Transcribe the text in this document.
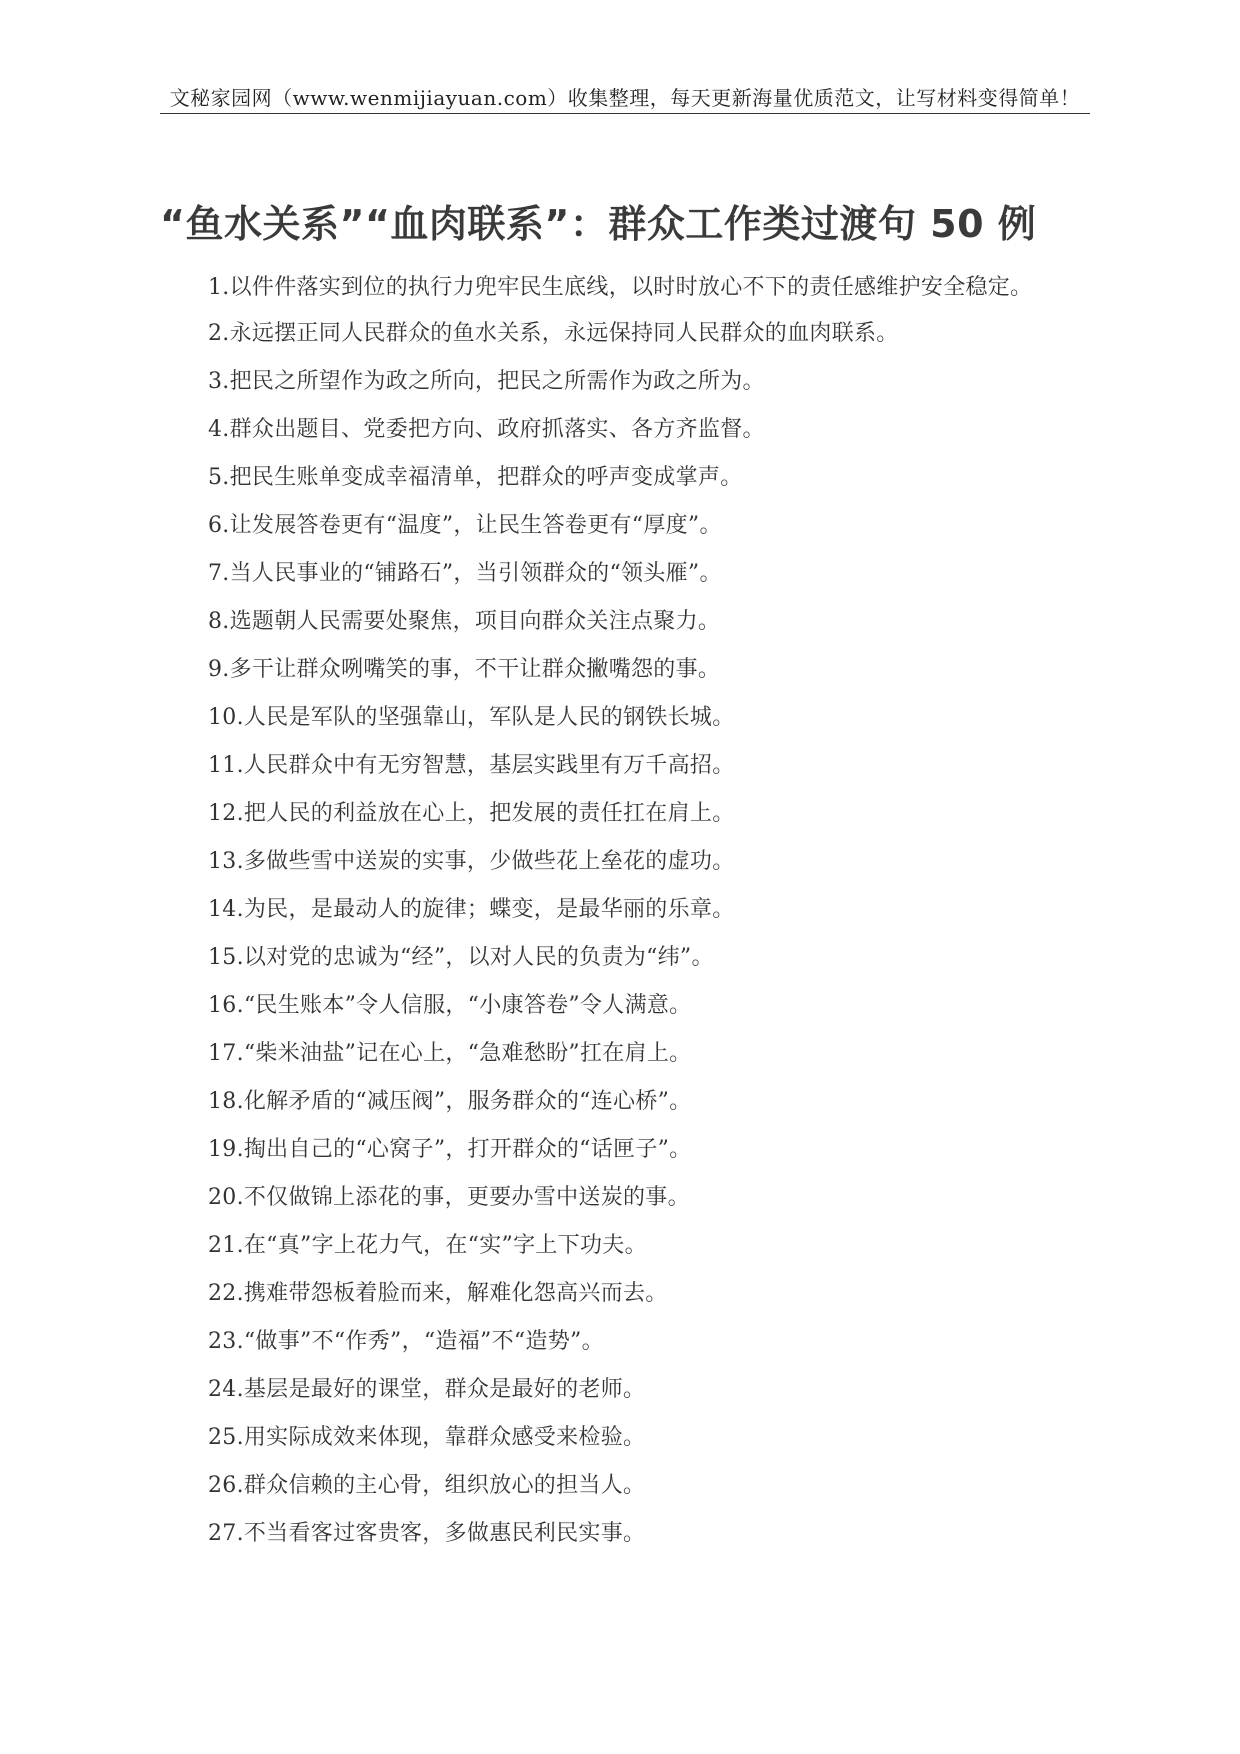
文秘家园网（www.wenmijiayuan.com）收集整理，每天更新海量优质范文，让写材料变得简单！
“鱼水关系”“血肉联系”：群众工作类过渡句 50 例
1.以件件落实到位的执行力兜牢民生底线，以时时放心不下的责任感维护安全稳定。
2.永远摆正同人民群众的鱼水关系，永远保持同人民群众的血肉联系。
3.把民之所望作为政之所向，把民之所需作为政之所为。
4.群众出题目、党委把方向、政府抓落实、各方齐监督。
5.把民生账单变成幸福清单，把群众的呼声变成掌声。
6.让发展答卷更有“温度”，让民生答卷更有“厚度”。
7.当人民事业的“铺路石”，当引领群众的“领头雁”。
8.选题朝人民需要处聚焦，项目向群众关注点聚力。
9.多干让群众咧嘴笑的事，不干让群众撇嘴怨的事。
10.人民是军队的坚强靠山，军队是人民的钢铁长城。
11.人民群众中有无穷智慧，基层实践里有万千高招。
12.把人民的利益放在心上，把发展的责任扛在肩上。
13.多做些雪中送炭的实事，少做些花上垒花的虚功。
14.为民，是最动人的旋律；蝶变，是最华丽的乐章。
15.以对党的忠诚为“经”，以对人民的负责为“纬”。
16.“民生账本”令人信服，“小康答卷”令人满意。
17.“柴米油盐”记在心上，“急难愁盼”扛在肩上。
18.化解矛盾的“减压阀”，服务群众的“连心桥”。
19.掏出自己的“心窝子”，打开群众的“话匣子”。
20.不仅做锦上添花的事，更要办雪中送炭的事。
21.在“真”字上花力气，在“实”字上下功夫。
22.携难带怨板着脸而来，解难化怨高兴而去。
23.“做事”不“作秀”，“造福”不“造势”。
24.基层是最好的课堂，群众是最好的老师。
25.用实际成效来体现，靠群众感受来检验。
26.群众信赖的主心骨，组织放心的担当人。
27.不当看客过客贵客，多做惠民利民实事。
